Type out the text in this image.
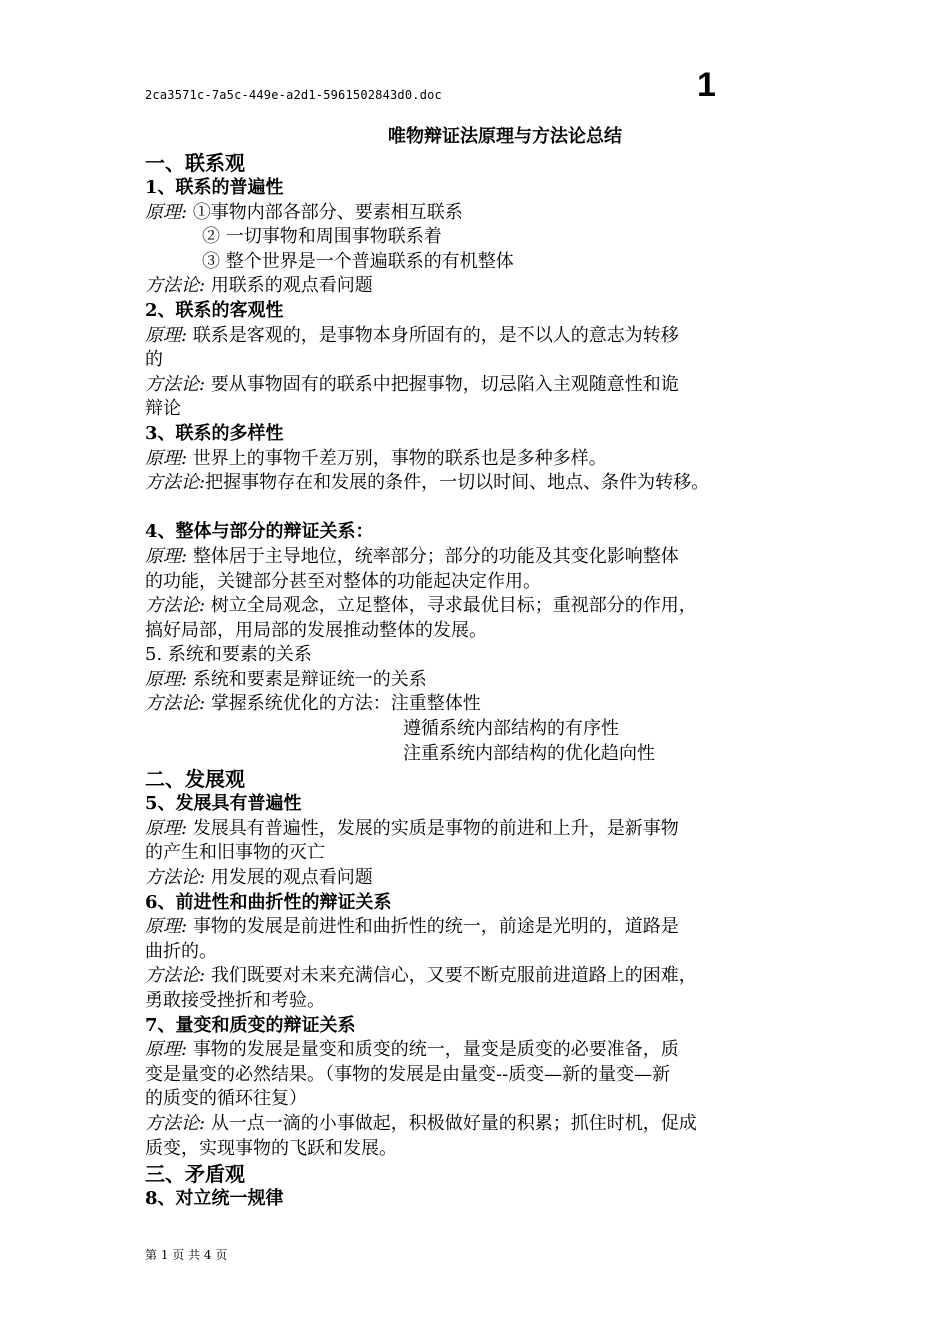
2ca3571c-7a5c-449e-a2d1-5961502843d0.doc	1
唯物辩证法原理与方法论总结
一、联系观
1、联系的普遍性
原理: ①事物内部各部分、要素相互联系
② 一切事物和周围事物联系着
③ 整个世界是一个普遍联系的有机整体
方法论: 用联系的观点看问题
2、联系的客观性
原理: 联系是客观的，是事物本身所固有的，是不以人的意志为转移
的
方法论: 要从事物固有的联系中把握事物，切忌陷入主观随意性和诡
辩论
3、联系的多样性
原理: 世界上的事物千差万别，事物的联系也是多种多样。
方法论:把握事物存在和发展的条件，一切以时间、地点、条件为转移。
4、整体与部分的辩证关系：
原理: 整体居于主导地位，统率部分；部分的功能及其变化影响整体
的功能，关键部分甚至对整体的功能起决定作用。
方法论: 树立全局观念，立足整体，寻求最优目标；重视部分的作用，
搞好局部，用局部的发展推动整体的发展。
5. 系统和要素的关系
原理: 系统和要素是辩证统一的关系
方法论: 掌握系统优化的方法：注重整体性
遵循系统内部结构的有序性
注重系统内部结构的优化趋向性
二、发展观
5、发展具有普遍性
原理: 发展具有普遍性，发展的实质是事物的前进和上升，是新事物
的产生和旧事物的灭亡
方法论: 用发展的观点看问题
6、前进性和曲折性的辩证关系
原理: 事物的发展是前进性和曲折性的统一，前途是光明的，道路是
曲折的。
方法论: 我们既要对未来充满信心，又要不断克服前进道路上的困难，
勇敢接受挫折和考验。
7、量变和质变的辩证关系
原理: 事物的发展是量变和质变的统一，量变是质变的必要准备，质
变是量变的必然结果。（事物的发展是由量变--质变—新的量变—新
的质变的循环往复）
方法论: 从一点一滴的小事做起，积极做好量的积累；抓住时机，促成
质变，实现事物的飞跃和发展。
三、矛盾观
8、对立统一规律
第 1 页 共 4 页
